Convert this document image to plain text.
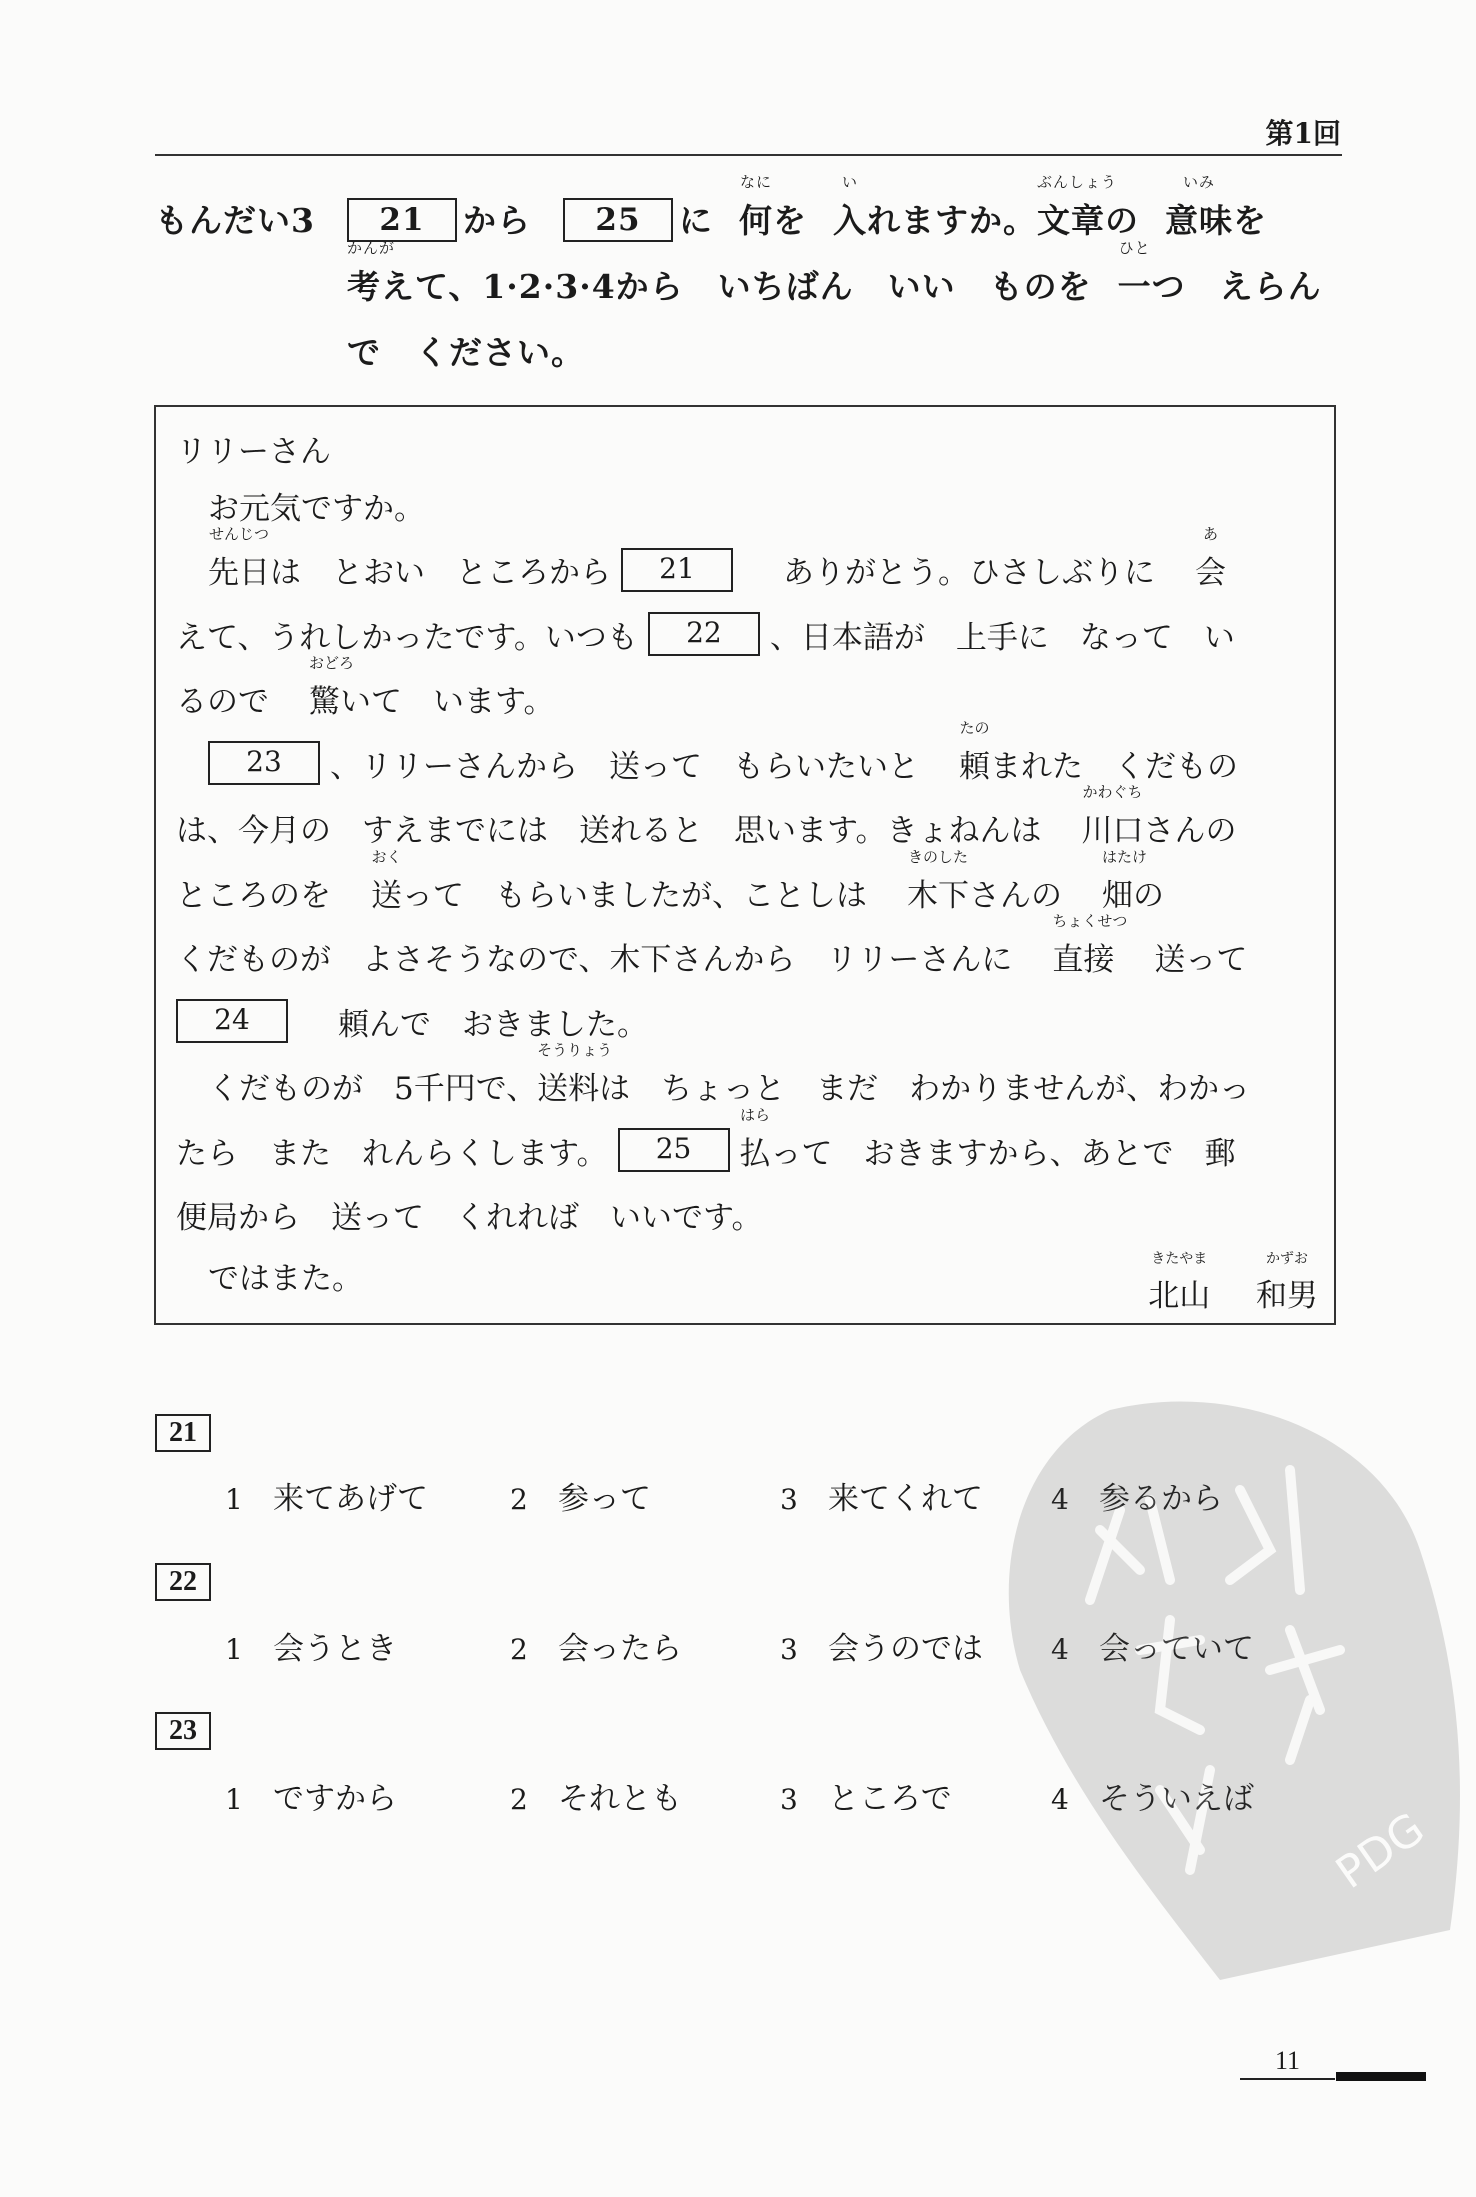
第1回
もんだい3	21	から	25	に
なに
何 を
い
入 れますか。
ぶんしょう
文章 の
いみ
意味 を
かんが
考 えて、1·2·3·4から　いちばん　いい　ものを
ひと
一 つ　えらん
で　ください。
リリーさん
お元気ですか。
せんじつ
先日 は　とおい　ところから	21	ありがとう。ひさしぶりに
あ
会
えて、うれしかったです。いつも	22	、日本語が　上手に　なって　い
るので
おどろ
驚 いて　います。
23	、リリーさんから　送って　もらいたいと
たの
頼 まれた　くだもの
は、今月の　すえまでには　送れると　思います。きょねんは
かわぐち
川口 さんの
ところのを
おく
送 って　もらいましたが、ことしは
きのした
木下 さんの
はたけ
畑 の
くだものが　よさそうなので、木下さんから　リリーさんに
ちょくせつ
直接 送って
24	頼んで　おきました。
くだものが　5千円で、
そうりょう
送料 は　ちょっと　まだ　わかりませんが、わかっ
たら　また　れんらくします。	25
はら
払 って　おきますから、あとで　郵
便局から　送って　くれれば　いいです。
ではまた。
きたやま
北山
かずお
和男
21
1 来てあげて	2 参って	3 来てくれて 4 参るから
22
1 会うとき	2 会ったら	3 会うのでは 4 会っていて
23
1 ですから	2 それとも	3 ところで	4 そういえば
PDG
11
